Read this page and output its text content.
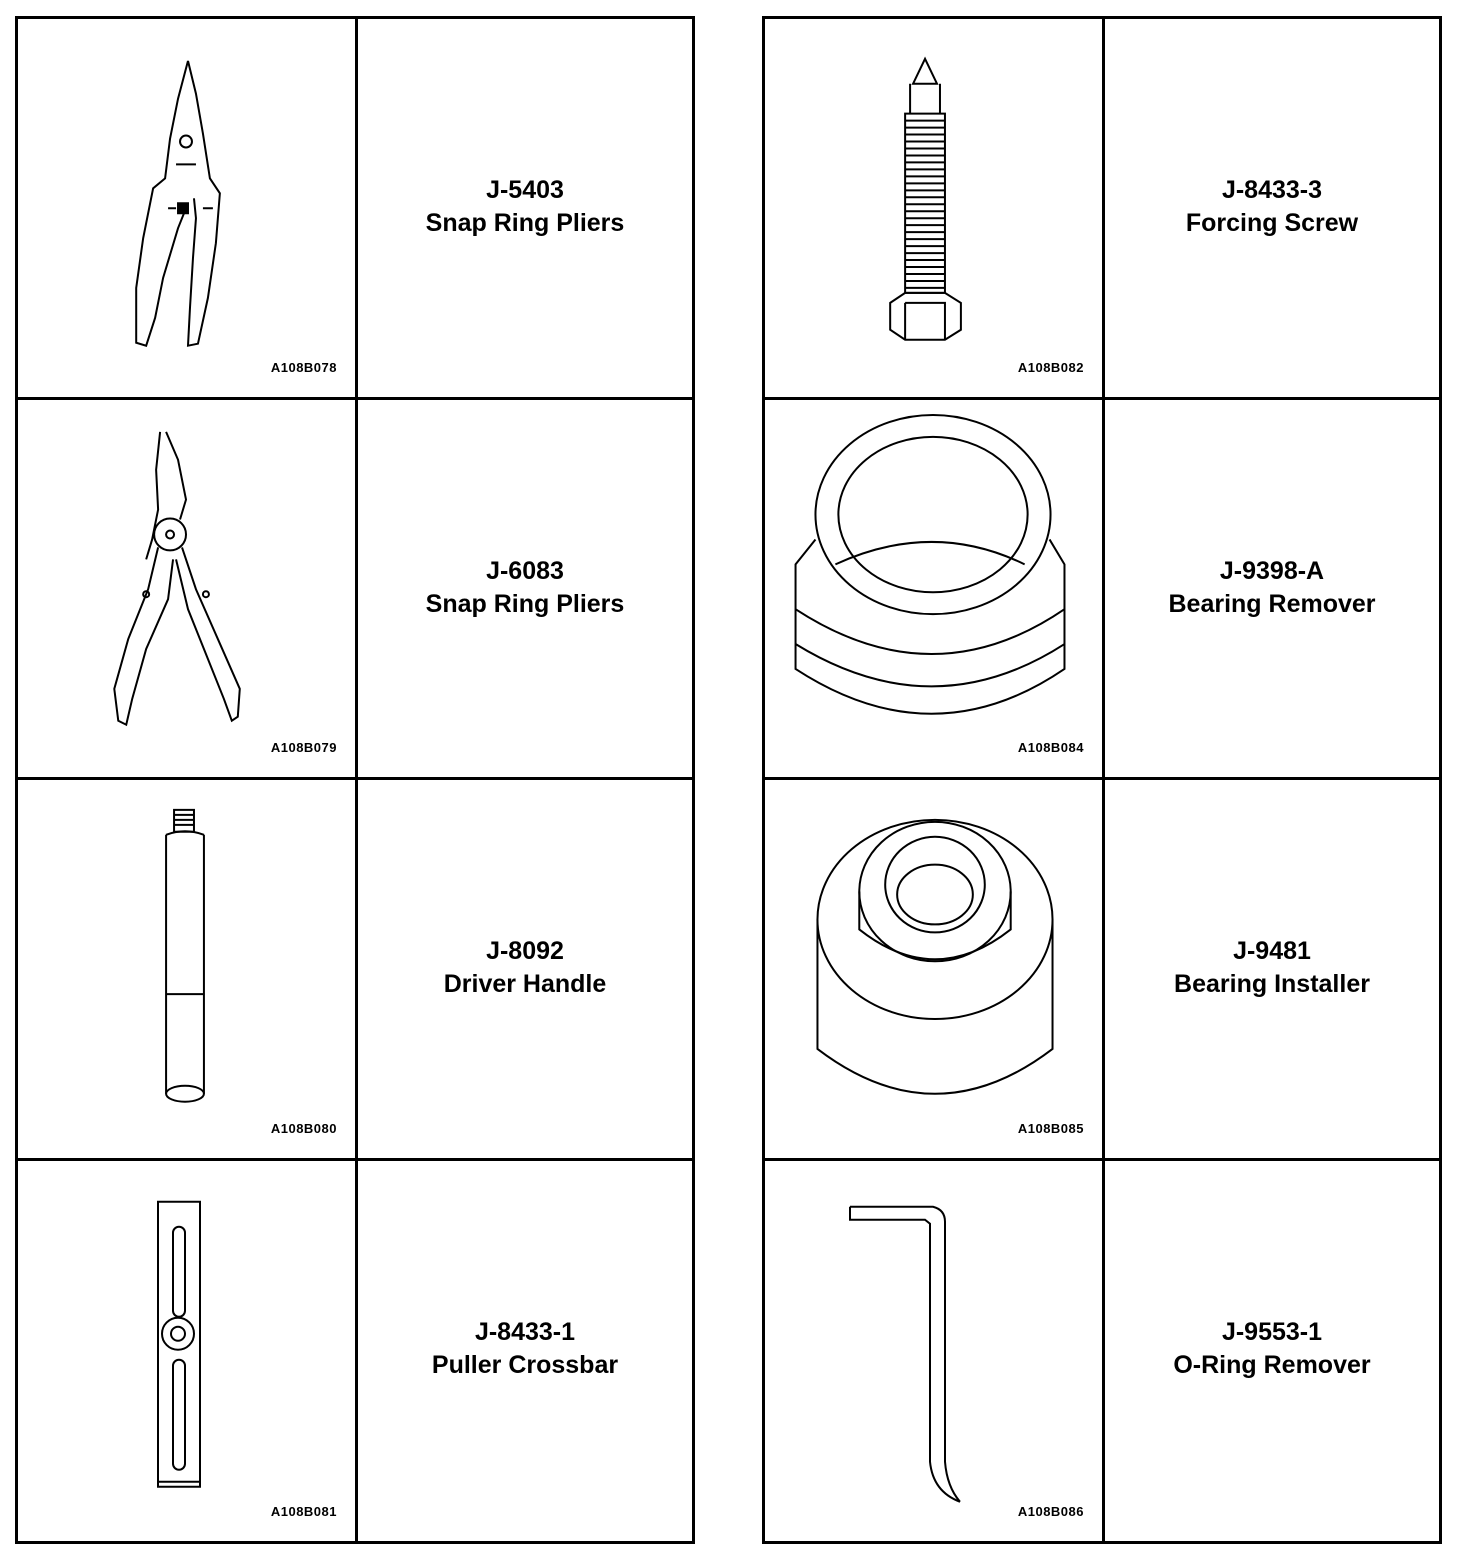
A108B078
J-5403
Snap Ring Pliers
A108B079
J-6083
Snap Ring Pliers
A108B080
J-8092
Driver Handle
A108B081
J-8433-1
Puller Crossbar
A108B082
J-8433-3
Forcing Screw
A108B084
J-9398-A
Bearing Remover
A108B085
J-9481
Bearing Installer
A108B086
J-9553-1
O-Ring Remover
